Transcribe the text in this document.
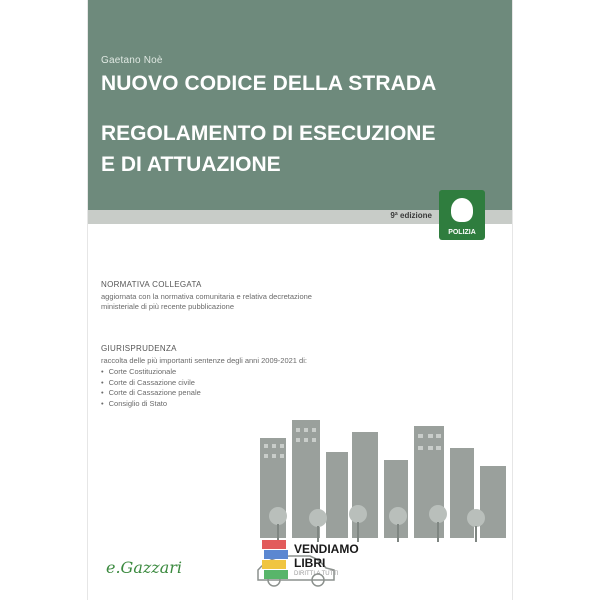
Gaetano Noè
NUOVO CODICE DELLA STRADA
REGOLAMENTO DI ESECUZIONE
E DI ATTUAZIONE
9ª edizione
POLIZIA
NORMATIVA COLLEGATA
aggiornata con la normativa comunitaria e relativa decretazione
ministeriale di più recente pubblicazione
GIURISPRUDENZA
raccolta delle più importanti sentenze degli anni 2009-2021 di:
• Corte Costituzionale
• Corte di Cassazione civile
• Corte di Cassazione penale
• Consiglio di Stato
e.Gazzari
VENDIAMO
LIBRI
DIRITTI A TUTTI
